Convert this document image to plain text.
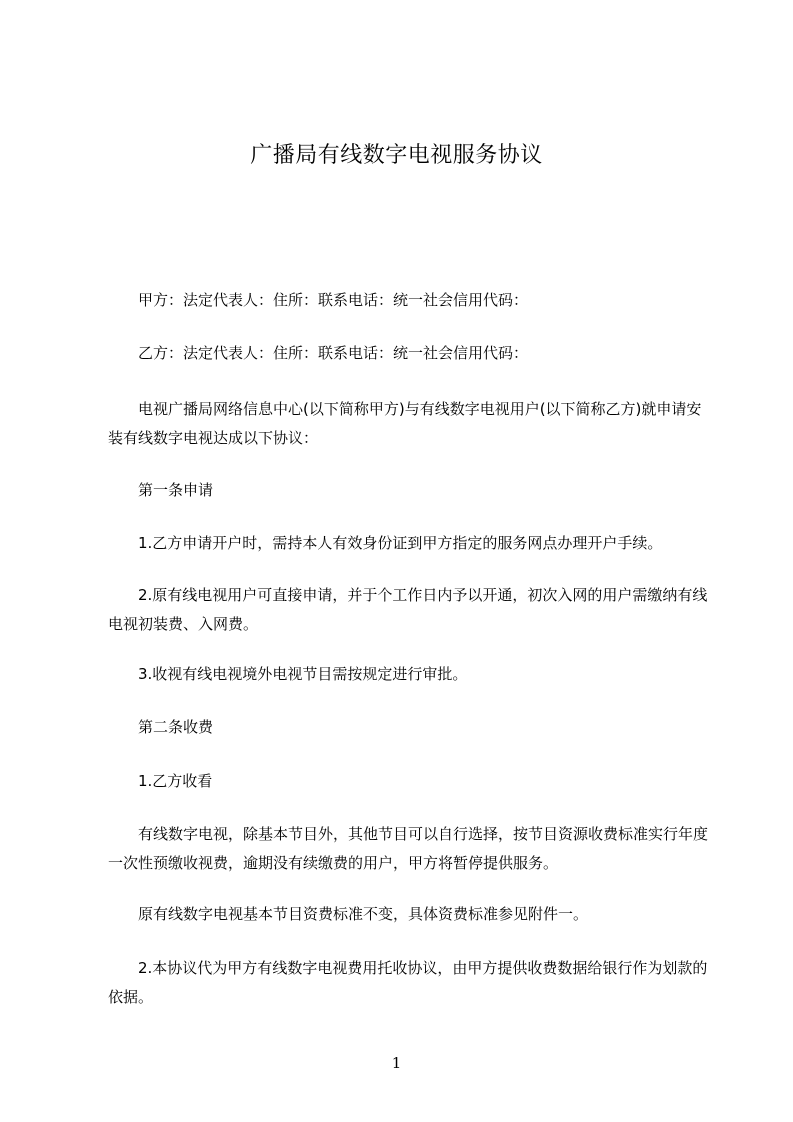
广播局有线数字电视服务协议

　　甲方：法定代表人：住所：联系电话：统一社会信用代码：

　　乙方：法定代表人：住所：联系电话：统一社会信用代码：

　　电视广播局网络信息中心(以下简称甲方)与有线数字电视用户(以下简称乙方)就申请安装有线数字电视达成以下协议：

　　第一条申请

　　1.乙方申请开户时，需持本人有效身份证到甲方指定的服务网点办理开户手续。

　　2.原有线电视用户可直接申请，并于个工作日内予以开通，初次入网的用户需缴纳有线电视初装费、入网费。

　　3.收视有线电视境外电视节目需按规定进行审批。

　　第二条收费

　　1.乙方收看

　　有线数字电视，除基本节目外，其他节目可以自行选择，按节目资源收费标准实行年度一次性预缴收视费，逾期没有续缴费的用户，甲方将暂停提供服务。

　　原有线数字电视基本节目资费标准不变，具体资费标准参见附件一。

　　2.本协议代为甲方有线数字电视费用托收协议，由甲方提供收费数据给银行作为划款的依据。

1
